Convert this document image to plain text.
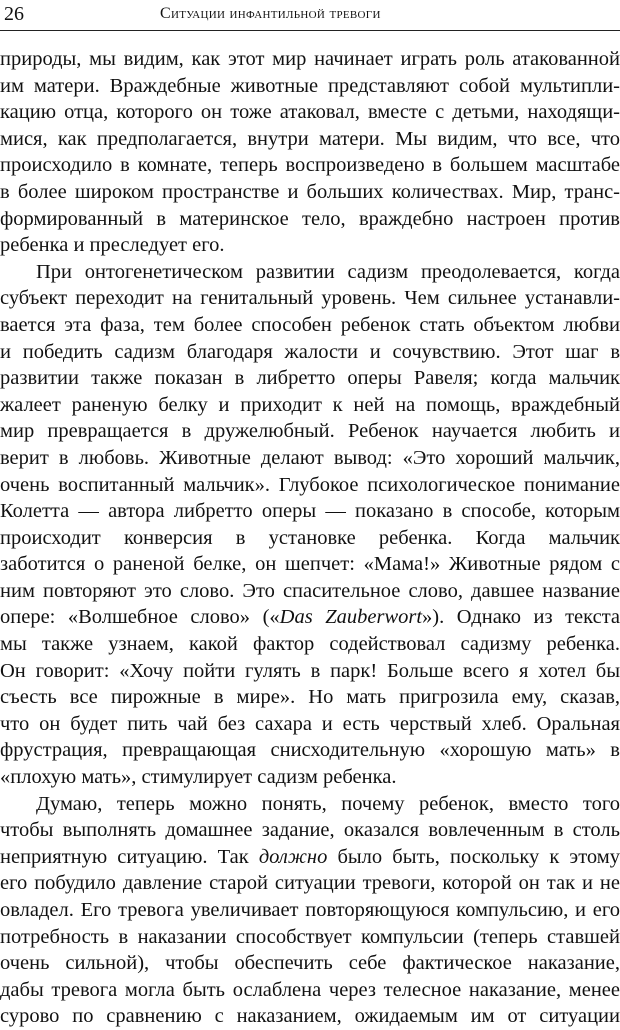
26	Ситуации инфантильной тревоги
природы, мы видим, как этот мир начинает играть роль атакованной
им матери. Враждебные животные представляют собой мультипли-
кацию отца, которого он тоже атаковал, вместе с детьми, находящи-
мися, как предполагается, внутри матери. Мы видим, что все, что
происходило в комнате, теперь воспроизведено в большем масштабе
в более широком пространстве и больших количествах. Мир, транс-
формированный в материнское тело, враждебно настроен против
ребенка и преследует его.
При онтогенетическом развитии садизм преодолевается, когда
субъект переходит на генитальный уровень. Чем сильнее устанавли-
вается эта фаза, тем более способен ребенок стать объектом любви
и победить садизм благодаря жалости и сочувствию. Этот шаг в
развитии также показан в либретто оперы Равеля; когда мальчик
жалеет раненую белку и приходит к ней на помощь, враждебный
мир превращается в дружелюбный. Ребенок научается любить и
верит в любовь. Животные делают вывод: «Это хороший мальчик,
очень воспитанный мальчик». Глубокое психологическое понимание
Колетта — автора либретто оперы — показано в способе, которым
происходит конверсия в установке ребенка. Когда мальчик
заботится о раненой белке, он шепчет: «Мама!» Животные рядом с
ним повторяют это слово. Это спасительное слово, давшее название
опере: «Волшебное слово» («Das Zauberwort»). Однако из текста
мы также узнаем, какой фактор содействовал садизму ребенка.
Он говорит: «Хочу пойти гулять в парк! Больше всего я хотел бы
съесть все пирожные в мире». Но мать пригрозила ему, сказав,
что он будет пить чай без сахара и есть черствый хлеб. Оральная
фрустрация, превращающая снисходительную «хорошую мать» в
«плохую мать», стимулирует садизм ребенка.
Думаю, теперь можно понять, почему ребенок, вместо того
чтобы выполнять домашнее задание, оказался вовлеченным в столь
неприятную ситуацию. Так должно было быть, поскольку к этому
его побудило давление старой ситуации тревоги, которой он так и не
овладел. Его тревога увеличивает повторяющуюся компульсию, и его
потребность в наказании способствует компульсии (теперь ставшей
очень сильной), чтобы обеспечить себе фактическое наказание,
дабы тревога могла быть ослаблена через телесное наказание, менее
сурово по сравнению с наказанием, ожидаемым им от ситуации
